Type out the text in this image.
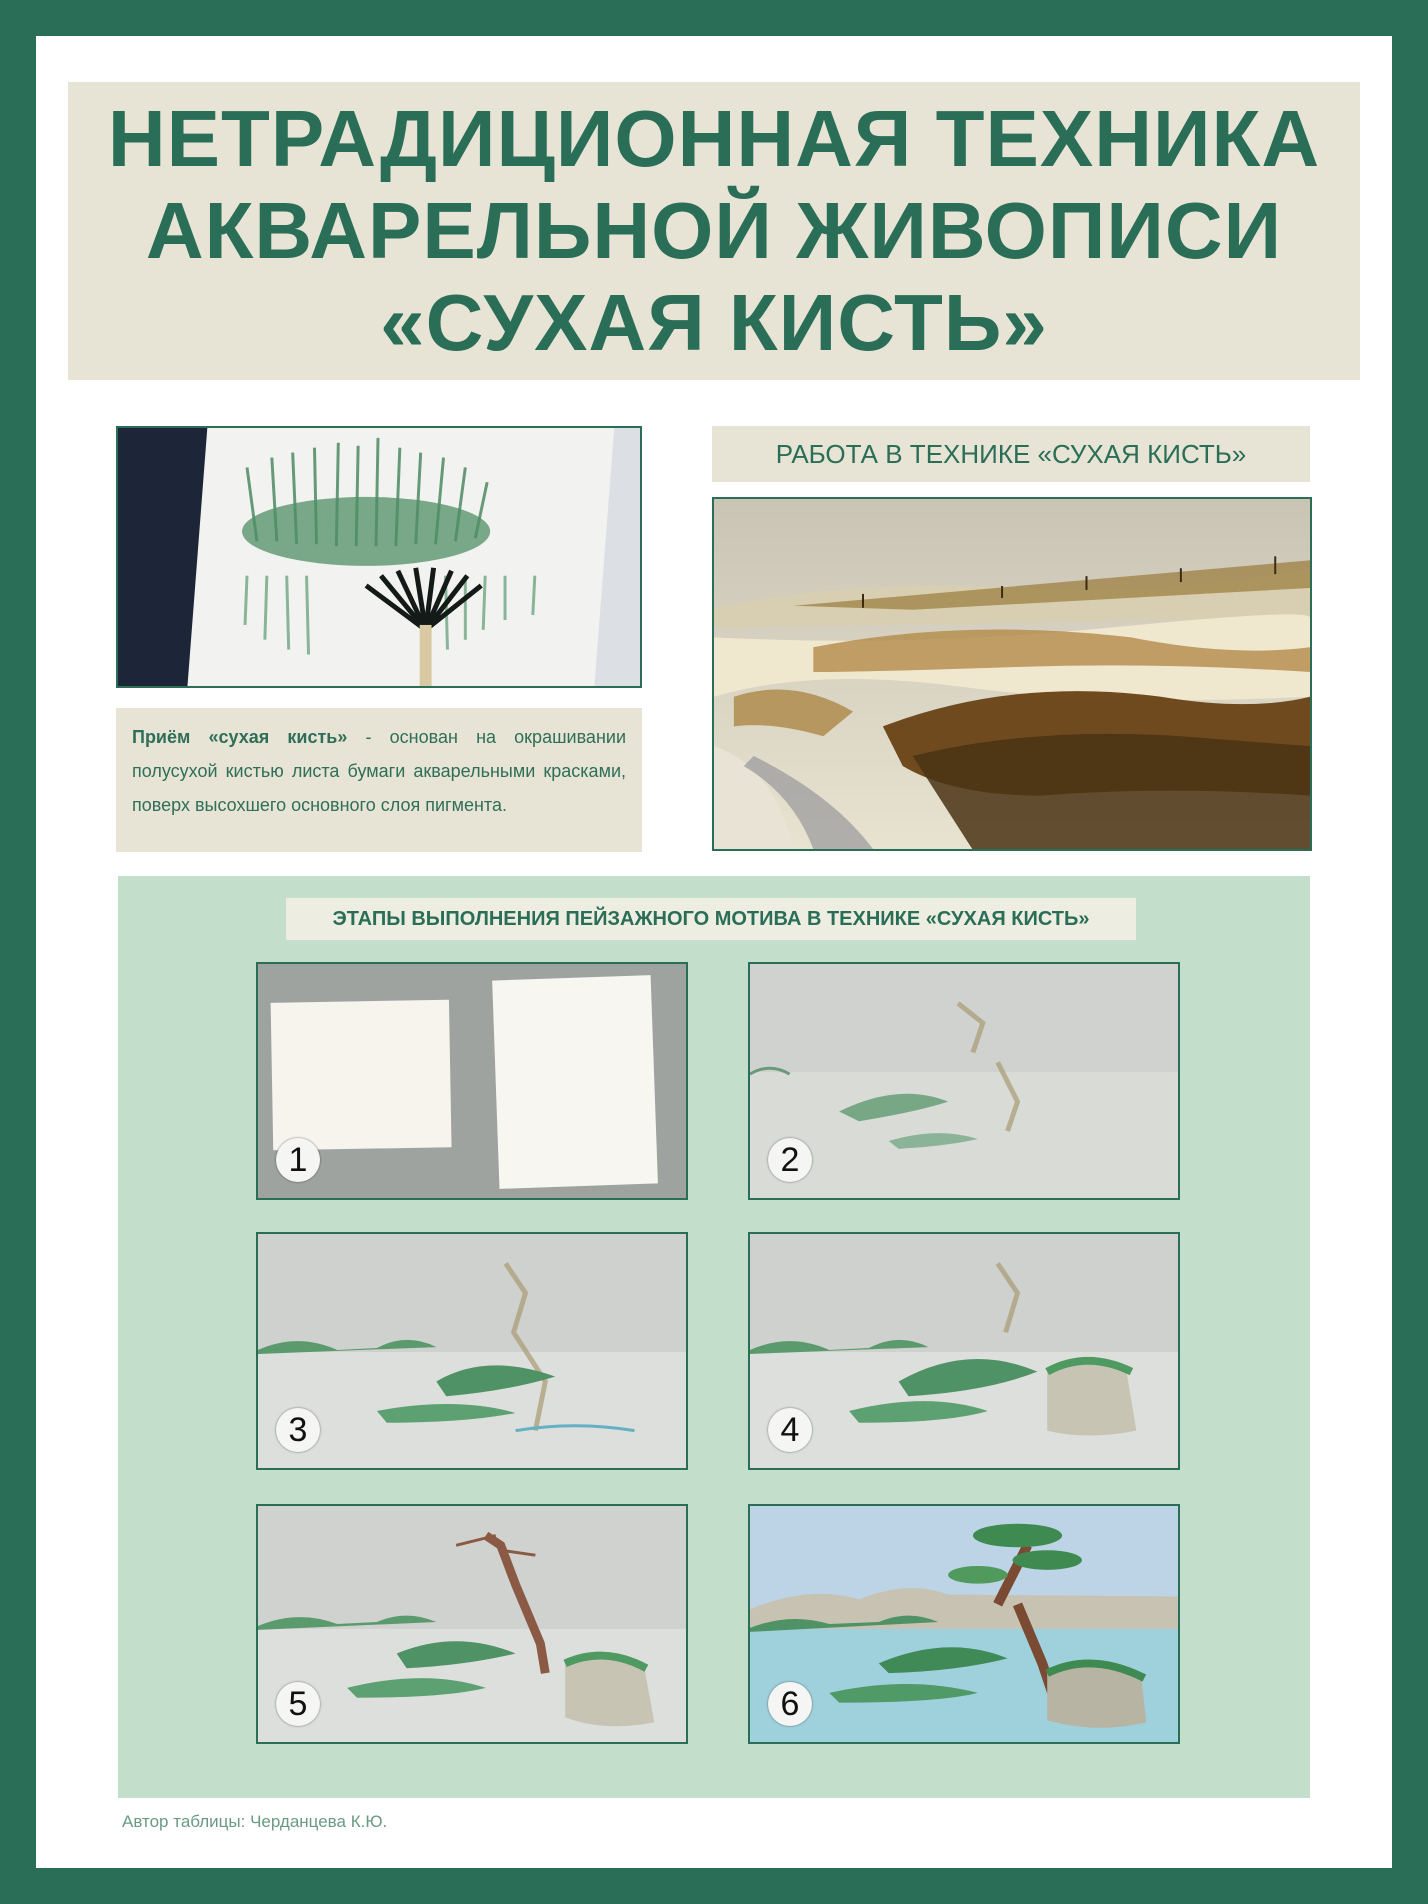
НЕТРАДИЦИОННАЯ ТЕХНИКА
АКВАРЕЛЬНОЙ ЖИВОПИСИ
«СУХАЯ КИСТЬ»
Приём «сухая кисть» - основан на окрашивании полусухой кистью листа бумаги акварельными красками, поверх высохшего основного слоя пигмента.
РАБОТА В ТЕХНИКЕ «СУХАЯ КИСТЬ»
ЭТАПЫ ВЫПОЛНЕНИЯ ПЕЙЗАЖНОГО МОТИВА В ТЕХНИКЕ «СУХАЯ КИСТЬ»
1	2
3	4
5	6
Автор таблицы: Черданцева К.Ю.
